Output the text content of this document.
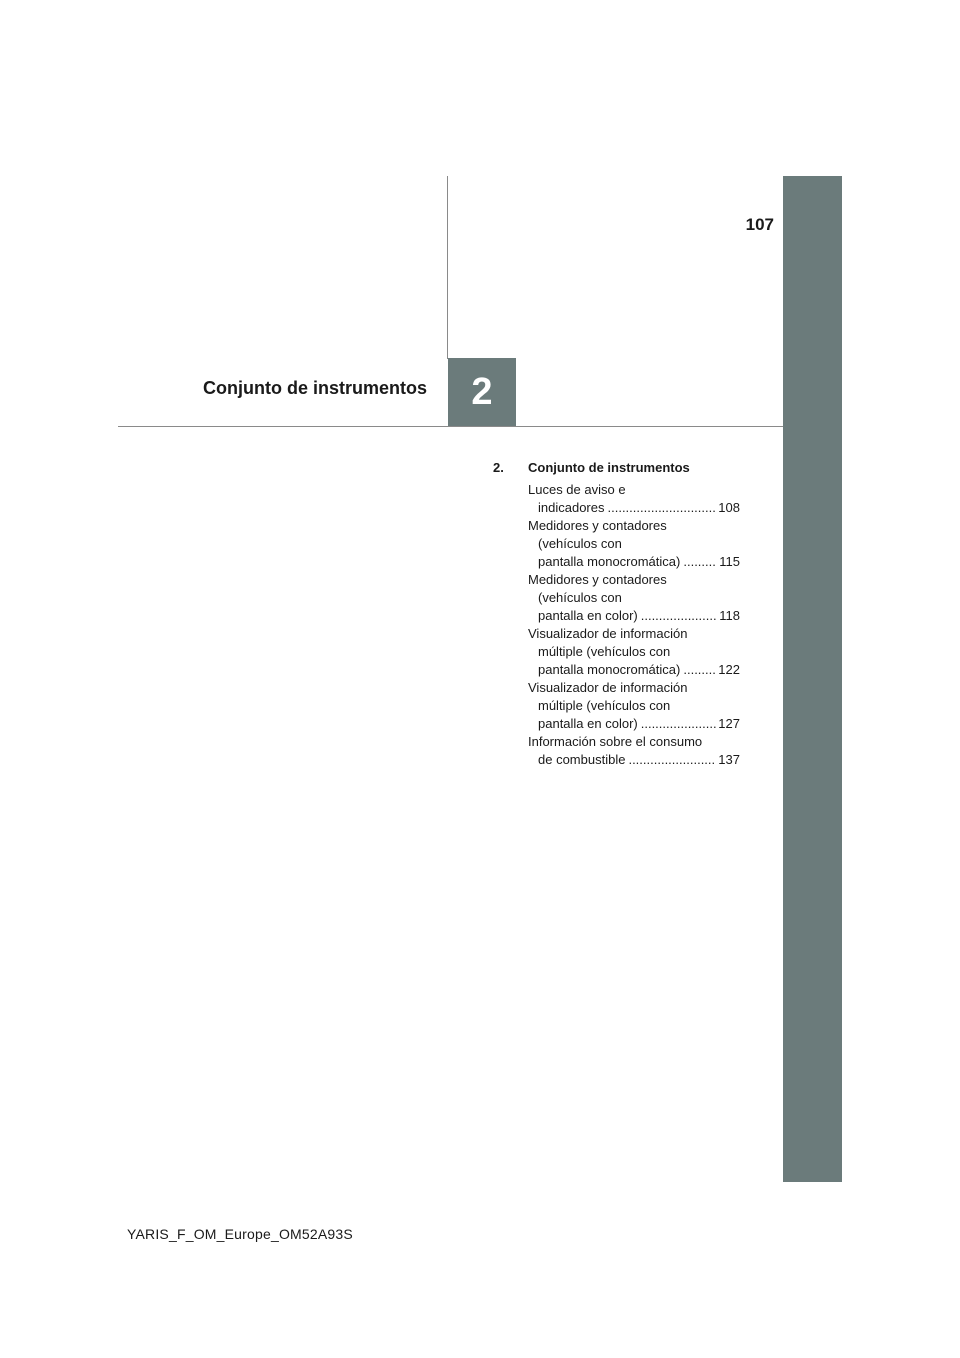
107
2
Conjunto de instrumentos
2. Conjunto de instrumentos
Luces de aviso e
indicadores .....	108
Medidores y contadores
(vehículos con
pantalla monocromática) .....	115
Medidores y contadores
(vehículos con
pantalla en color) .....	118
Visualizador de información
múltiple (vehículos con
pantalla monocromática) .....	122
Visualizador de información
múltiple (vehículos con
pantalla en color) .....	127
Información sobre el consumo
de combustible .....	137
YARIS_F_OM_Europe_OM52A93S
